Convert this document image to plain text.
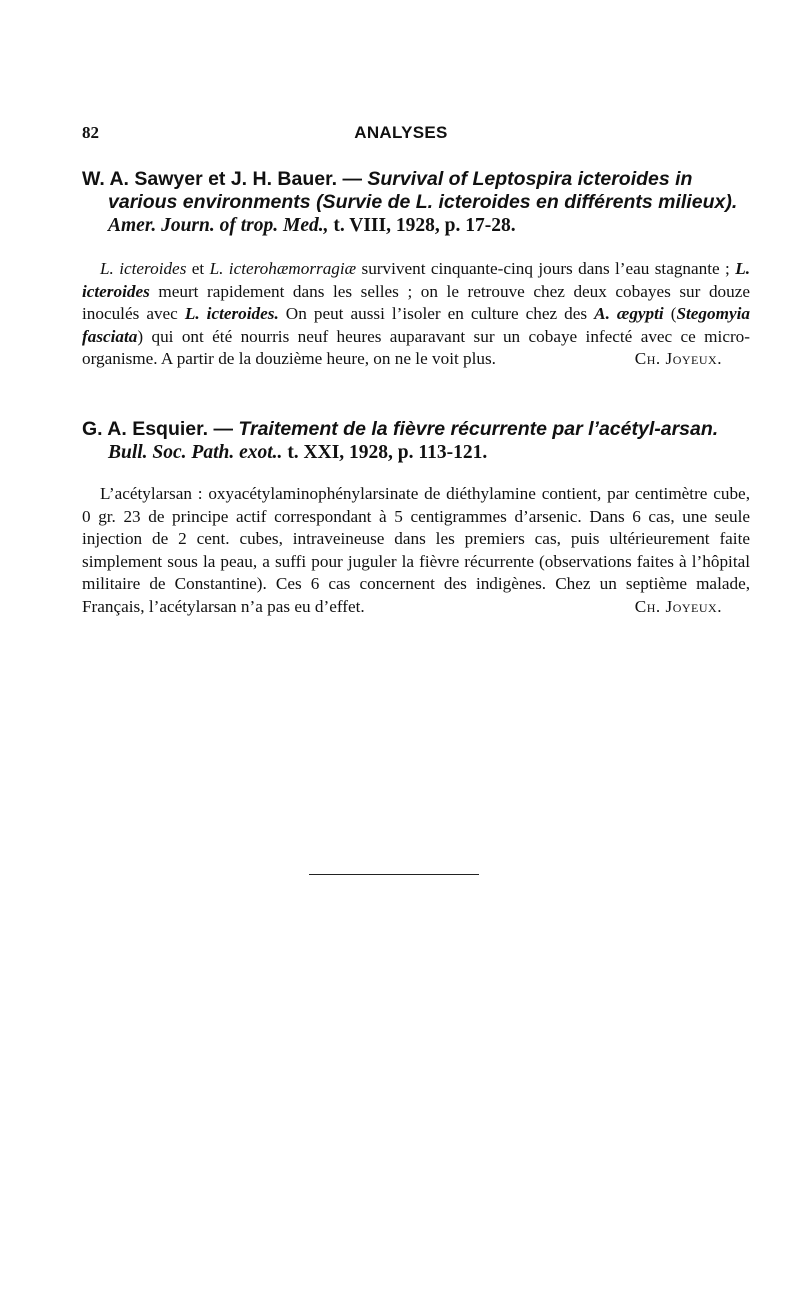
82	ANALYSES

W. A. Sawyer et J. H. Bauer. — Survival of Leptospira icteroides in various environments (Survie de L. icteroides en différents milieux). Amer. Journ. of trop. Med., t. VIII, 1928, p. 17-28.

L. icteroides et L. icterohæmorragiæ survivent cinquante-cinq jours dans l’eau stagnante ; L. icteroides meurt rapidement dans les selles ; on le retrouve chez deux cobayes sur douze inoculés avec L. icteroides. On peut aussi l’isoler en culture chez des A. ægypti (Stegomyia fasciata) qui ont été nourris neuf heures auparavant sur un cobaye infecté avec ce micro-organisme. A partir de la douzième heure, on ne le voit plus.	Ch. Joyeux.

G. A. Esquier. — Traitement de la fièvre récurrente par l’acétyl-arsan. Bull. Soc. Path. exot.. t. XXI, 1928, p. 113-121.

L’acétylarsan : oxyacétylaminophénylarsinate de diéthylamine contient, par centimètre cube, 0 gr. 23 de principe actif correspondant à 5 centigrammes d’arsenic. Dans 6 cas, une seule injection de 2 cent. cubes, intraveineuse dans les premiers cas, puis ultérieurement faite simplement sous la peau, a suffi pour juguler la fièvre récurrente (observations faites à l’hôpital militaire de Constantine). Ces 6 cas concernent des indigènes. Chez un septième malade, Français, l’acétylarsan n’a pas eu d’effet.	Ch. Joyeux.
